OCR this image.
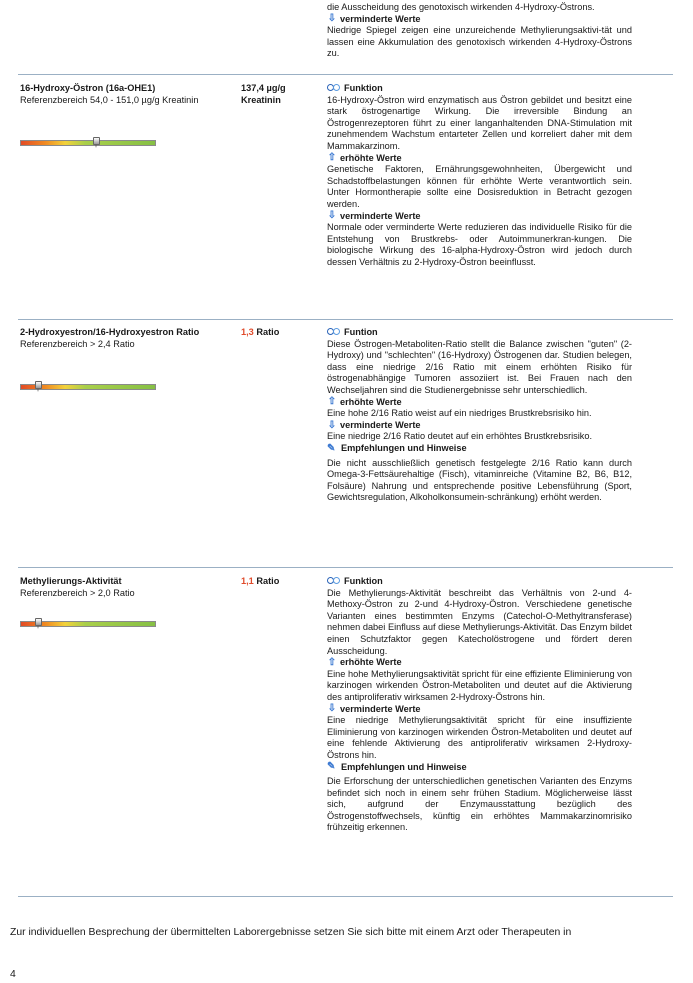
die Ausscheidung des genotoxisch wirkenden 4-Hydroxy-Östrons.
⇩ verminderte Werte
Niedrige Spiegel zeigen eine unzureichende Methylierungsaktivi-tät und lassen eine Akkumulation des genotoxisch wirkenden 4-Hydroxy-Östrons zu.
16-Hydroxy-Östron (16a-OHE1)
Referenzbereich 54,0 - 151,0 µg/g Kreatinin
137,4 µg/g
Kreatinin
Funktion
16-Hydroxy-Östron wird enzymatisch aus Östron gebildet und besitzt eine stark östrogenartige Wirkung. Die irreversible Bindung an Östrogenrezeptoren führt zu einer langanhaltenden DNA-Stimulation mit zunehmendem Wachstum entarteter Zellen und korreliert daher mit dem Mammakarzinom.
⇧ erhöhte Werte
Genetische Faktoren, Ernährungsgewohnheiten, Übergewicht und Schadstoffbelastungen können für erhöhte Werte verantwortlich sein. Unter Hormontherapie sollte eine Dosisreduktion in Betracht gezogen werden.
⇩ verminderte Werte
Normale oder verminderte Werte reduzieren das individuelle Risiko für die Entstehung von Brustkrebs- oder Autoimmunerkran-kungen. Die biologische Wirkung des 16-alpha-Hydroxy-Östron wird jedoch durch dessen Verhältnis zu 2-Hydroxy-Östron beeinflusst.
2-Hydroxyestron/16-Hydroxyestron Ratio
Referenzbereich > 2,4 Ratio
1,3 Ratio	Funtion
Diese Östrogen-Metaboliten-Ratio stellt die Balance zwischen "guten" (2-Hydroxy) und "schlechten" (16-Hydroxy) Östrogenen dar. Studien belegen, dass eine niedrige 2/16 Ratio mit einem erhöhten Risiko für östrogenabhängige Tumoren assoziiert ist. Bei Frauen nach den Wechseljahren sind die Studienergebnisse sehr unterschiedlich.
⇧ erhöhte Werte
Eine hohe 2/16 Ratio weist auf ein niedriges Brustkrebsrisiko hin.
⇩ verminderte Werte
Eine niedrige 2/16 Ratio deutet auf ein erhöhtes Brustkrebsrisiko.
✎ Empfehlungen und Hinweise
Die nicht ausschließlich genetisch festgelegte 2/16 Ratio kann durch Omega-3-Fettsäurehaltige (Fisch), vitaminreiche (Vitamine B2, B6, B12, Folsäure) Nahrung und entsprechende positive Lebensführung (Sport, Gewichtsregulation, Alkoholkonsumein-schränkung) erhöht werden.
Methylierungs-Aktivität
Referenzbereich > 2,0 Ratio
1,1 Ratio	Funktion
Die Methylierungs-Aktivität beschreibt das Verhältnis von 2-und 4-Methoxy-Östron zu 2-und 4-Hydroxy-Östron. Verschiedene genetische Varianten eines bestimmten Enzyms (Catechol-O-Methyltransferase) nehmen dabei Einfluss auf diese Methylierungs-Aktivität. Das Enzym bildet einen Schutzfaktor gegen Katecholöstrogene und fördert deren Ausscheidung.
⇧ erhöhte Werte
Eine hohe Methylierungsaktivität spricht für eine effiziente Eliminierung von karzinogen wirkenden Östron-Metaboliten und deutet auf die Aktivierung des antiproliferativ wirksamen 2-Hydroxy-Östrons hin.
⇩ verminderte Werte
Eine niedrige Methylierungsaktivität spricht für eine insuffiziente Eliminierung von karzinogen wirkenden Östron-Metaboliten und deutet auf eine fehlende Aktivierung des antiproliferativ wirksamen 2-Hydroxy-Östrons hin.
✎ Empfehlungen und Hinweise
Die Erforschung der unterschiedlichen genetischen Varianten des Enzyms befindet sich noch in einem sehr frühen Stadium. Möglicherweise lässt sich, aufgrund der Enzymausstattung bezüglich des Östrogenstoffwechsels, künftig ein erhöhtes Mammakarzinomrisiko frühzeitig erkennen.
Zur individuellen Besprechung der übermittelten Laborergebnisse setzen Sie sich bitte mit einem Arzt oder Therapeuten in
4
